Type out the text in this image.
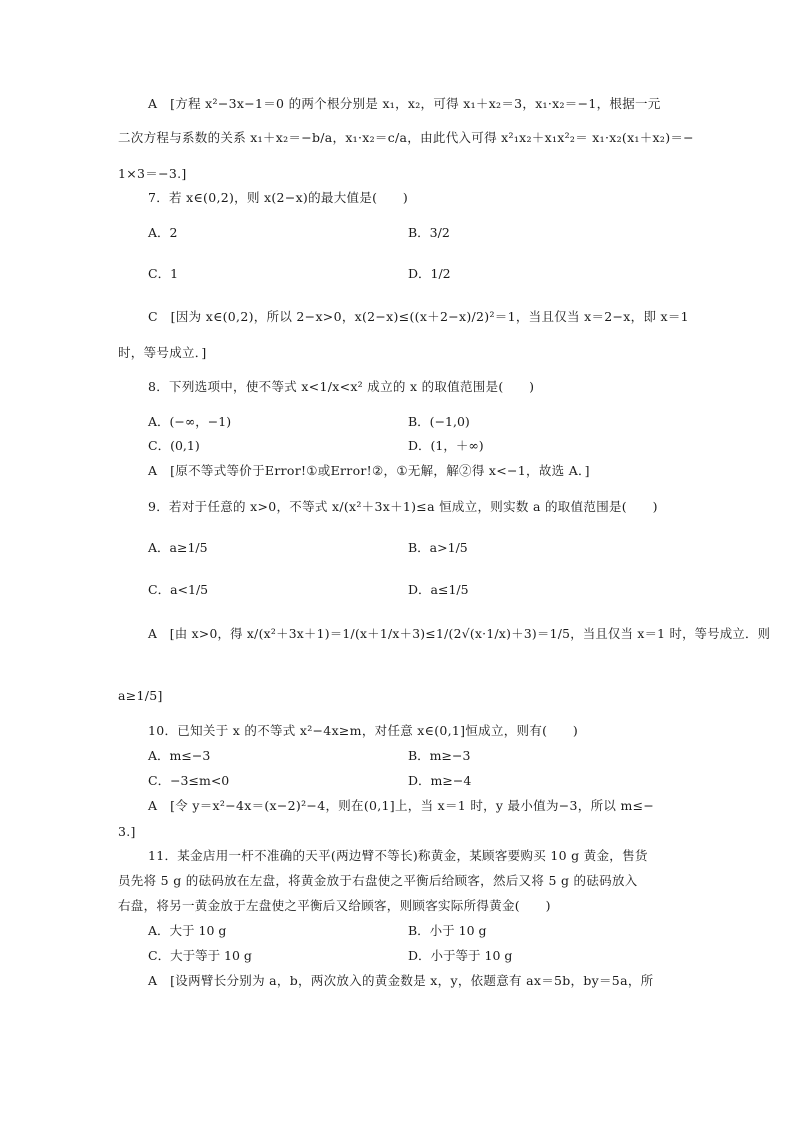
A　[方程 x²−3x−1＝0 的两个根分别是 x₁，x₂，可得 x₁＋x₂＝3，x₁·x₂＝−1，根据一元
二次方程与系数的关系 x₁＋x₂＝−b/a，x₁·x₂＝c/a，由此代入可得 x²₁x₂＋x₁x²₂＝ x₁·x₂(x₁＋x₂)＝−
1×3＝−3.]
7．若 x∈(0,2)，则 x(2−x)的最大值是(　　)
A．2	B．3/2
C．1	D．1/2
C　[因为 x∈(0,2)，所以 2−x>0，x(2−x)≤((x＋2−x)/2)²＝1，当且仅当 x＝2−x，即 x＝1
时，等号成立．]
8．下列选项中，使不等式 x<1/x<x² 成立的 x 的取值范围是(　　)
A．(−∞，−1)	B．(−1,0)
C．(0,1)	D．(1，＋∞)
A　[原不等式等价于Error!①或Error!②，①无解，解②得 x<−1，故选 A．]
9．若对于任意的 x>0，不等式 x/(x²＋3x＋1)≤a 恒成立，则实数 a 的取值范围是(　　)
A．a≥1/5	B．a>1/5
C．a<1/5	D．a≤1/5
A　[由 x>0，得 x/(x²＋3x＋1)＝1/(x＋1/x＋3)≤1/(2√(x·1/x)＋3)＝1/5，当且仅当 x＝1 时，等号成立．则
a≥1/5]
10．已知关于 x 的不等式 x²−4x≥m，对任意 x∈(0,1]恒成立，则有(　　)
A．m≤−3	B．m≥−3
C．−3≤m<0	D．m≥−4
A　[令 y＝x²−4x＝(x−2)²−4，则在(0,1]上，当 x＝1 时，y 最小值为−3，所以 m≤−
3.]
11．某金店用一杆不准确的天平(两边臂不等长)称黄金，某顾客要购买 10 g 黄金，售货
员先将 5 g 的砝码放在左盘，将黄金放于右盘使之平衡后给顾客，然后又将 5 g 的砝码放入
右盘，将另一黄金放于左盘使之平衡后又给顾客，则顾客实际所得黄金(　　)
A．大于 10 g	B．小于 10 g
C．大于等于 10 g	D．小于等于 10 g
A　[设两臂长分别为 a，b，两次放入的黄金数是 x，y，依题意有 ax＝5b，by＝5a，所
